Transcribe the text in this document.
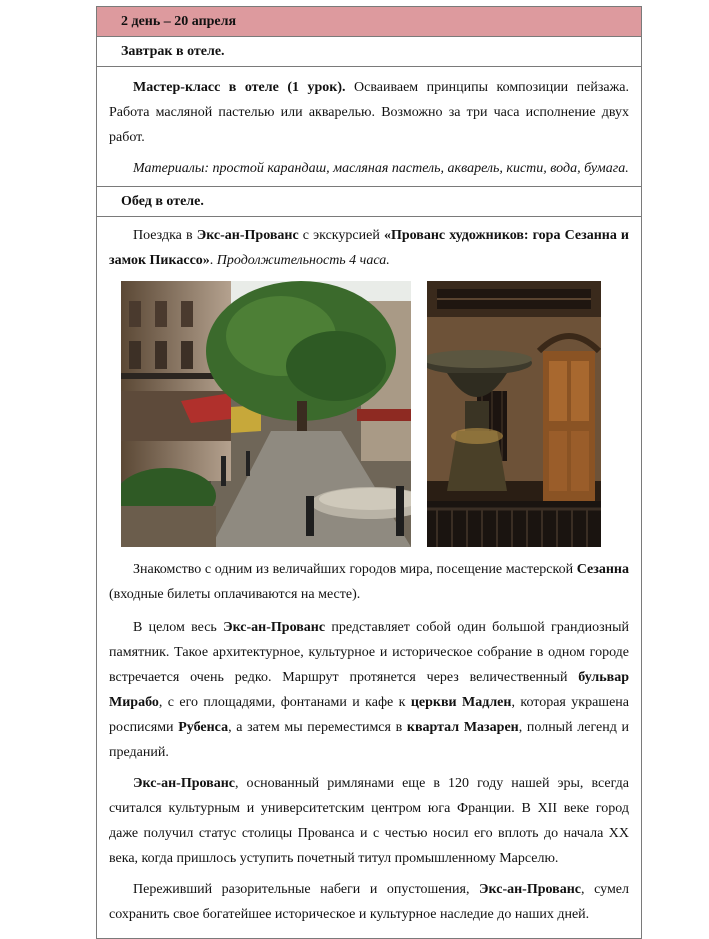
2 день – 20 апреля
Завтрак в отеле.

Мастер-класс в отеле (1 урок). Осваиваем принципы композиции пейзажа. Работа масляной пастелью или акварелью. Возможно за три часа исполнение двух работ.

Материалы: простой карандаш, масляная пастель, акварель, кисти, вода, бумага.

Обед в отеле.

Поездка в Экс-ан-Прованс с экскурсией «Прованс художников: гора Сезанна и замок Пикассо». Продолжительность 4 часа.

Знакомство с одним из величайших городов мира, посещение мастерской Сезанна (входные билеты оплачиваются на месте).

В целом весь Экс-ан-Прованс представляет собой один большой грандиозный памятник. Такое архитектурное, культурное и историческое собрание в одном городе встречается очень редко. Маршрут протянется через величественный бульвар Мирабо, с его площадями, фонтанами и кафе к церкви Мадлен, которая украшена росписями Рубенса, а затем мы переместимся в квартал Мазарен, полный легенд и преданий.

Экс-ан-Прованс, основанный римлянами еще в 120 году нашей эры, всегда считался культурным и университетским центром юга Франции. В XII веке город даже получил статус столицы Прованса и с честью носил его вплоть до начала XX века, когда пришлось уступить почетный титул промышленному Марселю.

Переживший разорительные набеги и опустошения, Экс-ан-Прованс, сумел сохранить свое богатейшее историческое и культурное наследие до наших дней.
